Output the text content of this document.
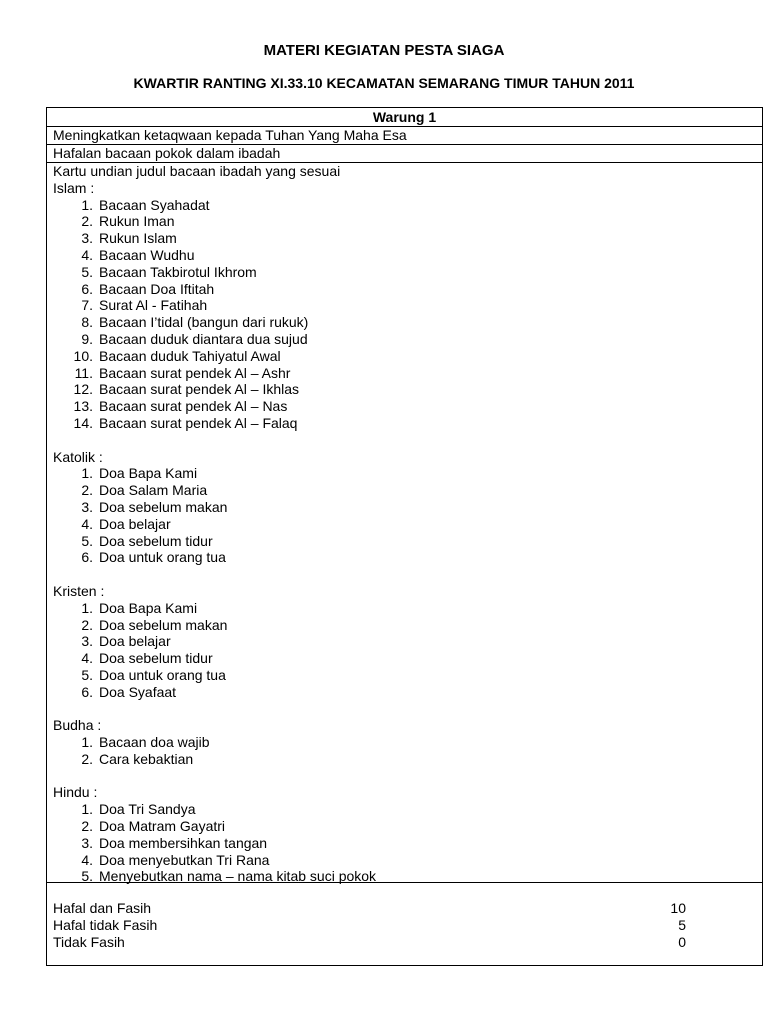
MATERI KEGIATAN PESTA SIAGA
KWARTIR RANTING XI.33.10 KECAMATAN SEMARANG TIMUR TAHUN 2011
Warung 1
Meningkatkan ketaqwaan kepada Tuhan Yang Maha Esa
Hafalan bacaan pokok dalam ibadah
Kartu undian judul bacaan ibadah yang sesuai
Islam :
1. Bacaan Syahadat
2. Rukun Iman
3. Rukun Islam
4. Bacaan Wudhu
5. Bacaan Takbirotul Ikhrom
6. Bacaan Doa Iftitah
7. Surat Al - Fatihah
8. Bacaan I’tidal (bangun dari rukuk)
9. Bacaan duduk diantara dua sujud
10. Bacaan duduk Tahiyatul Awal
11. Bacaan surat pendek Al – Ashr
12. Bacaan surat pendek Al – Ikhlas
13. Bacaan surat pendek Al – Nas
14. Bacaan surat pendek Al – Falaq
Katolik :
1. Doa Bapa Kami
2. Doa Salam Maria
3. Doa sebelum makan
4. Doa belajar
5. Doa sebelum tidur
6. Doa untuk orang tua
Kristen :
1. Doa Bapa Kami
2. Doa sebelum makan
3. Doa belajar
4. Doa sebelum tidur
5. Doa untuk orang tua
6. Doa Syafaat
Budha :
1. Bacaan doa wajib
2. Cara kebaktian
Hindu :
1. Doa Tri Sandya
2. Doa Matram Gayatri
3. Doa membersihkan tangan
4. Doa menyebutkan Tri Rana
5. Menyebutkan nama – nama kitab suci pokok
Hafal dan Fasih	10
Hafal tidak Fasih	5
Tidak Fasih	0
